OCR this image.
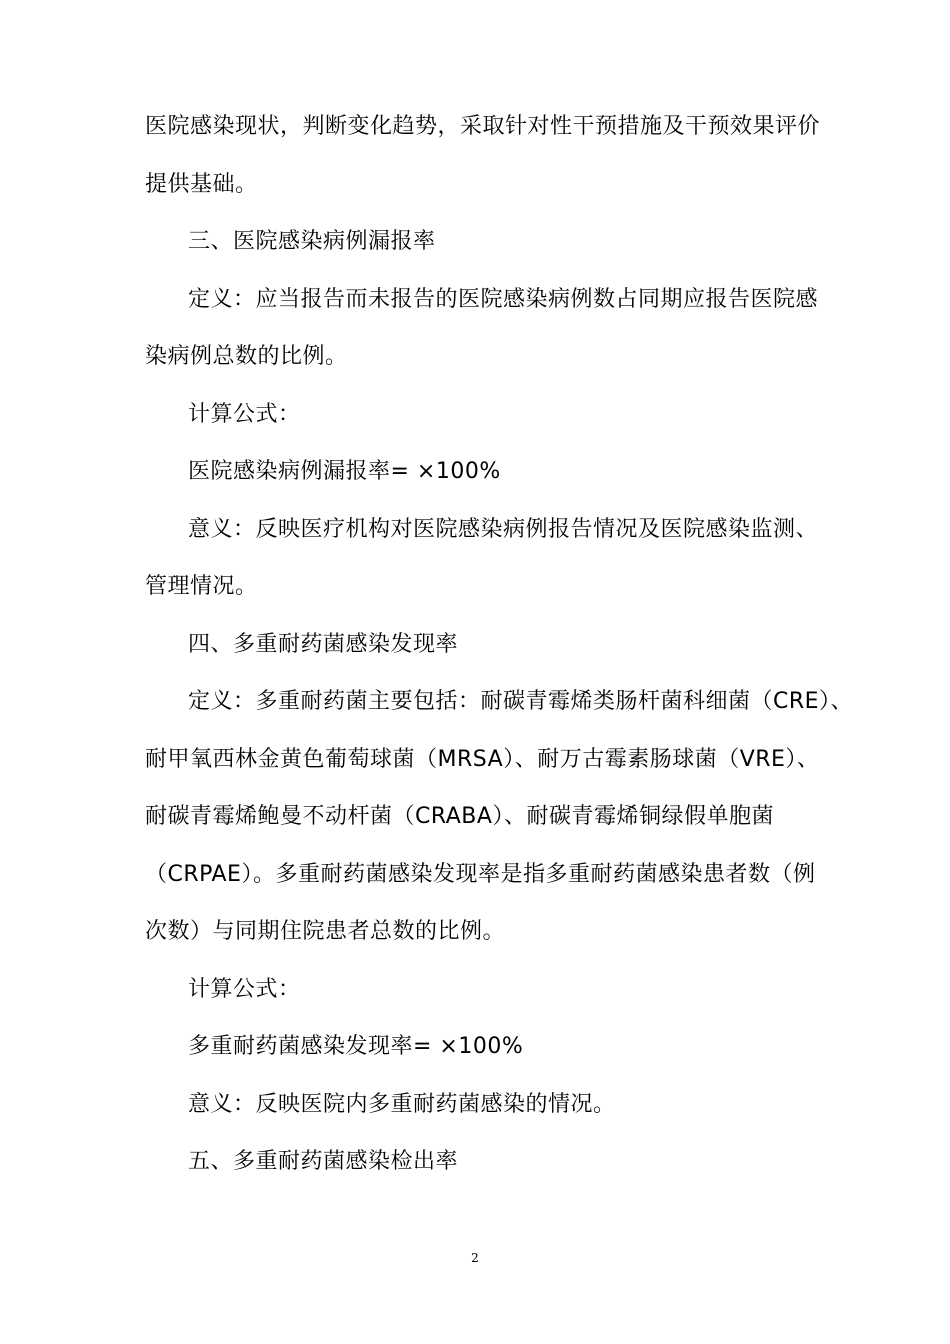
医院感染现状，判断变化趋势，采取针对性干预措施及干预效果评价
提供基础。
三、医院感染病例漏报率
定义：应当报告而未报告的医院感染病例数占同期应报告医院感
染病例总数的比例。
计算公式：
医院感染病例漏报率= ×100%
意义：反映医疗机构对医院感染病例报告情况及医院感染监测、
管理情况。
四、多重耐药菌感染发现率
定义：多重耐药菌主要包括：耐碳青霉烯类肠杆菌科细菌（CRE）、
耐甲氧西林金黄色葡萄球菌（MRSA）、耐万古霉素肠球菌（VRE）、
耐碳青霉烯鲍曼不动杆菌（CRABA）、耐碳青霉烯铜绿假单胞菌
（CRPAE）。多重耐药菌感染发现率是指多重耐药菌感染患者数（例
次数）与同期住院患者总数的比例。
计算公式：
多重耐药菌感染发现率= ×100%
意义：反映医院内多重耐药菌感染的情况。
五、多重耐药菌感染检出率
2
